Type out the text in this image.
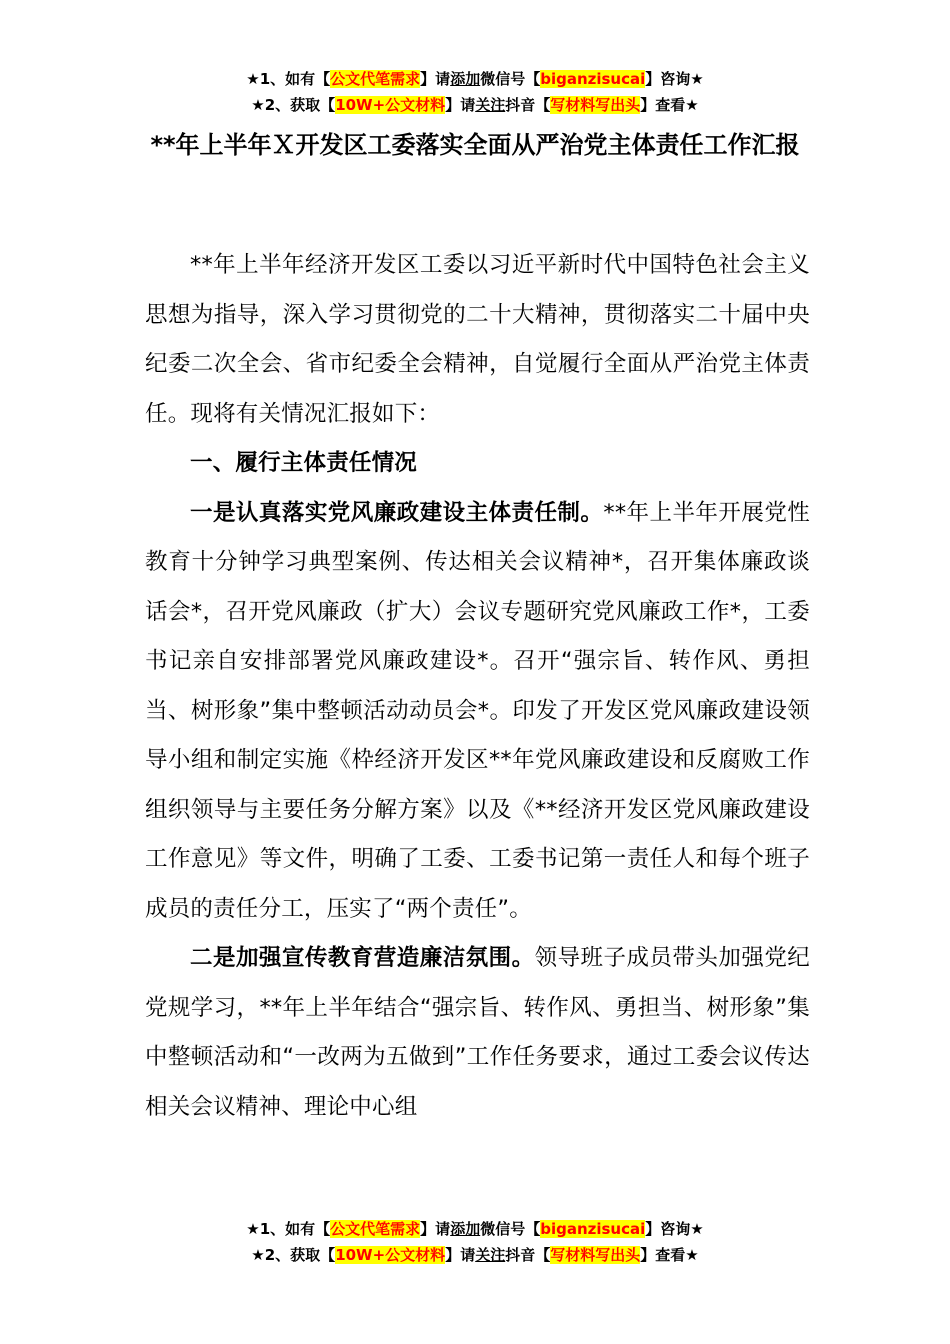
★1、如有【公文代笔需求】请添加微信号【biganzisucai】咨询★
★2、获取【10W+公文材料】请关注抖音【写材料写出头】查看★
**年上半年Ｘ开发区工委落实全面从严治党主体责任工作汇报

**年上半年经济开发区工委以习近平新时代中国特色社会主义思想为指导，深入学习贯彻党的二十大精神，贯彻落实二十届中央纪委二次全会、省市纪委全会精神，自觉履行全面从严治党主体责任。现将有关情况汇报如下：

一、履行主体责任情况

一是认真落实党风廉政建设主体责任制。**年上半年开展党性教育十分钟学习典型案例、传达相关会议精神*，召开集体廉政谈话会*，召开党风廉政（扩大）会议专题研究党风廉政工作*，工委书记亲自安排部署党风廉政建设*。召开“强宗旨、转作风、勇担当、树形象”集中整顿活动动员会*。印发了开发区党风廉政建设领导小组和制定实施《枠经济开发区**年党风廉政建设和反腐败工作组织领导与主要任务分解方案》以及《**经济开发区党风廉政建设工作意见》等文件，明确了工委、工委书记第一责任人和每个班子成员的责任分工，压实了“两个责任”。

二是加强宣传教育营造廉洁氛围。领导班子成员带头加强党纪党规学习，**年上半年结合“强宗旨、转作风、勇担当、树形象”集中整顿活动和“一改两为五做到”工作任务要求，通过工委会议传达相关会议精神、理论中心组

★1、如有【公文代笔需求】请添加微信号【biganzisucai】咨询★
★2、获取【10W+公文材料】请关注抖音【写材料写出头】查看★
